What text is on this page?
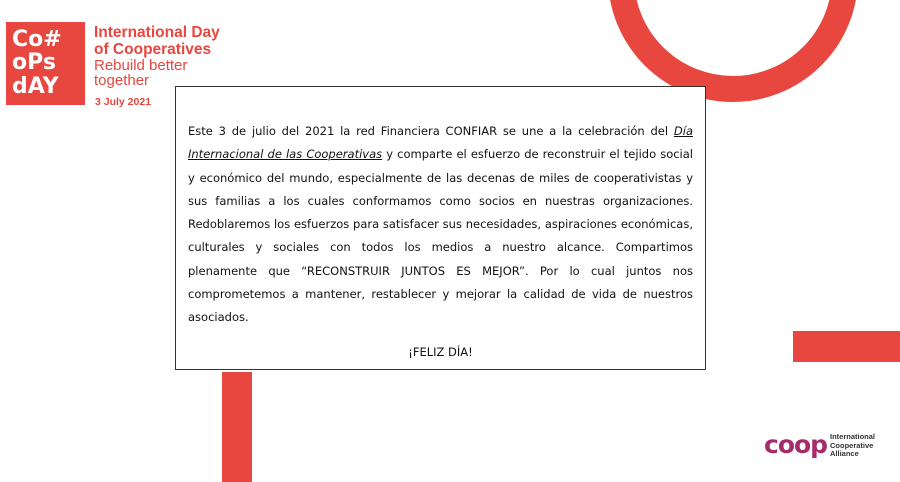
Co#
oPs
dAY
International Day
of Cooperatives
Rebuild better
together
3 July 2021

Este 3 de julio del 2021 la red Financiera CONFIAR se une a la celebración del Día Internacional de las Cooperativas y comparte el esfuerzo de reconstruir el tejido social y económico del mundo, especialmente de las decenas de miles de cooperativistas y sus familias a los cuales conformamos como socios en nuestras organizaciones. Redoblaremos los esfuerzos para satisfacer sus necesidades, aspiraciones económicas, culturales y sociales con todos los medios a nuestro alcance. Compartimos plenamente que “RECONSTRUIR JUNTOS ES MEJOR”. Por lo cual juntos nos comprometemos a mantener, restablecer y mejorar la calidad de vida de nuestros asociados.

¡FELIZ DÍA!
coop International
Cooperative
Alliance
